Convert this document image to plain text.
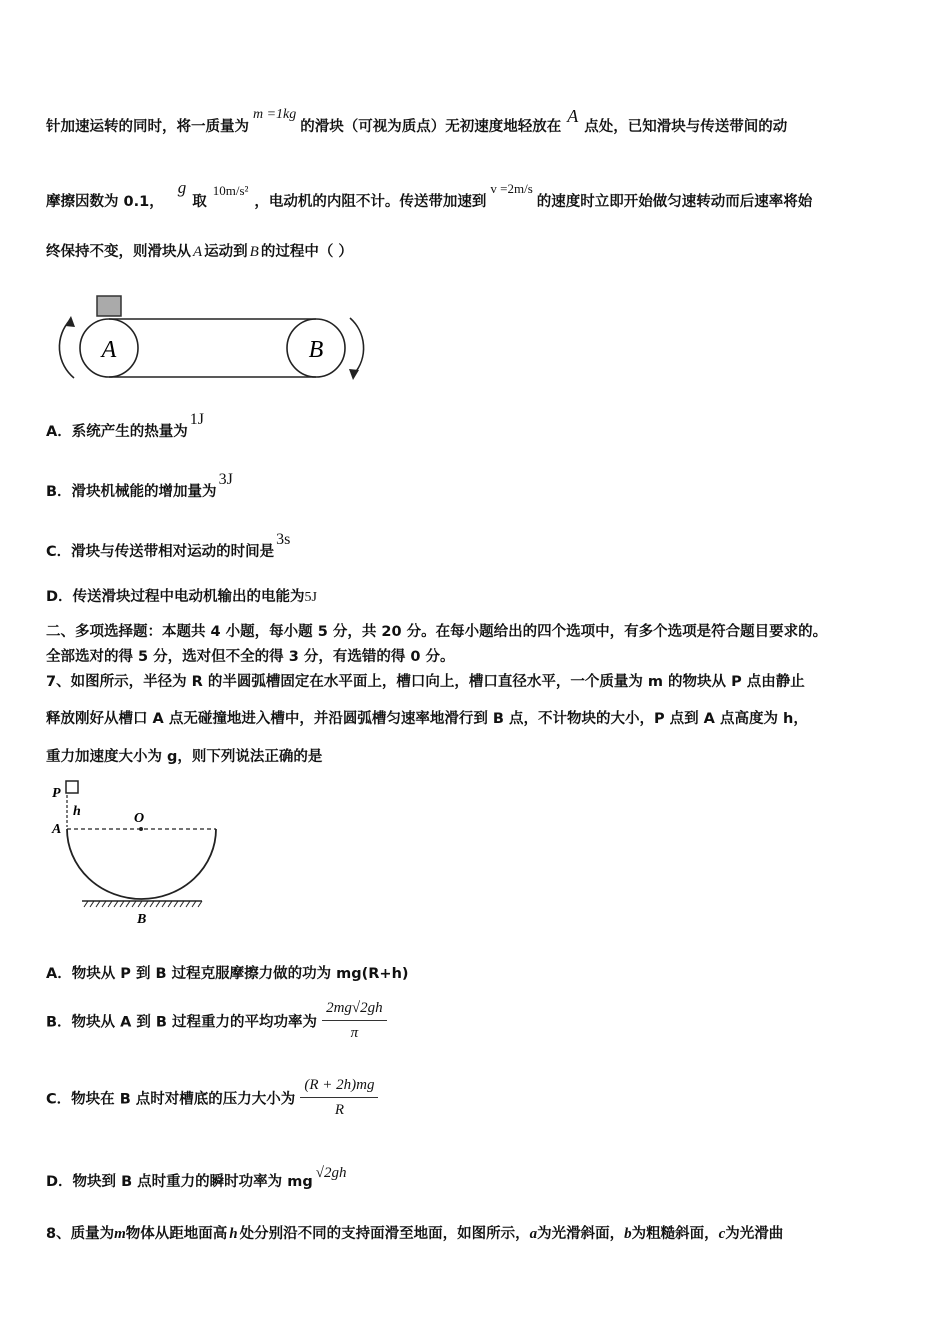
针加速运转的同时，将一质量为m =1kg的滑块（可视为质点）无初速度地轻放在A点处，已知滑块与传送带间的动
摩擦因数为 0.1，g取10m/s²，电动机的内阻不计。传送带加速到v =2m/s的速度时立即开始做匀速转动而后速率将始
终保持不变，则滑块从 A 运动到 B 的过程中（ ）
A	B
A．系统产生的热量为1J
B．滑块机械能的增加量为3J
C．滑块与传送带相对运动的时间是3s
D．传送滑块过程中电动机输出的电能为5J
二、多项选择题：本题共 4 小题，每小题 5 分，共 20 分。在每小题给出的四个选项中，有多个选项是符合题目要求的。
全部选对的得 5 分，选对但不全的得 3 分，有选错的得 0 分。
7、如图所示，半径为 R 的半圆弧槽固定在水平面上，槽口向上，槽口直径水平，一个质量为 m 的物块从 P 点由静止
释放刚好从槽口 A 点无碰撞地进入槽中，并沿圆弧槽匀速率地滑行到 B 点，不计物块的大小，P 点到 A 点高度为 h，
重力加速度大小为 g，则下列说法正确的是
P
h
A
O
B
A．物块从 P 到 B 过程克服摩擦力做的功为 mg(R+h)
B．物块从 A 到 B 过程重力的平均功率为 $\frac{2mg√2gh}{\pi}$
C．物块在 B 点时对槽底的压力大小为 $\frac{(R + 2h)mg}{R}$
D．物块到 B 点时重力的瞬时功率为 mg√2gh
8、质量为m物体从距地面高 h 处分别沿不同的支持面滑至地面，如图所示，a为光滑斜面，b为粗糙斜面，c为光滑曲
